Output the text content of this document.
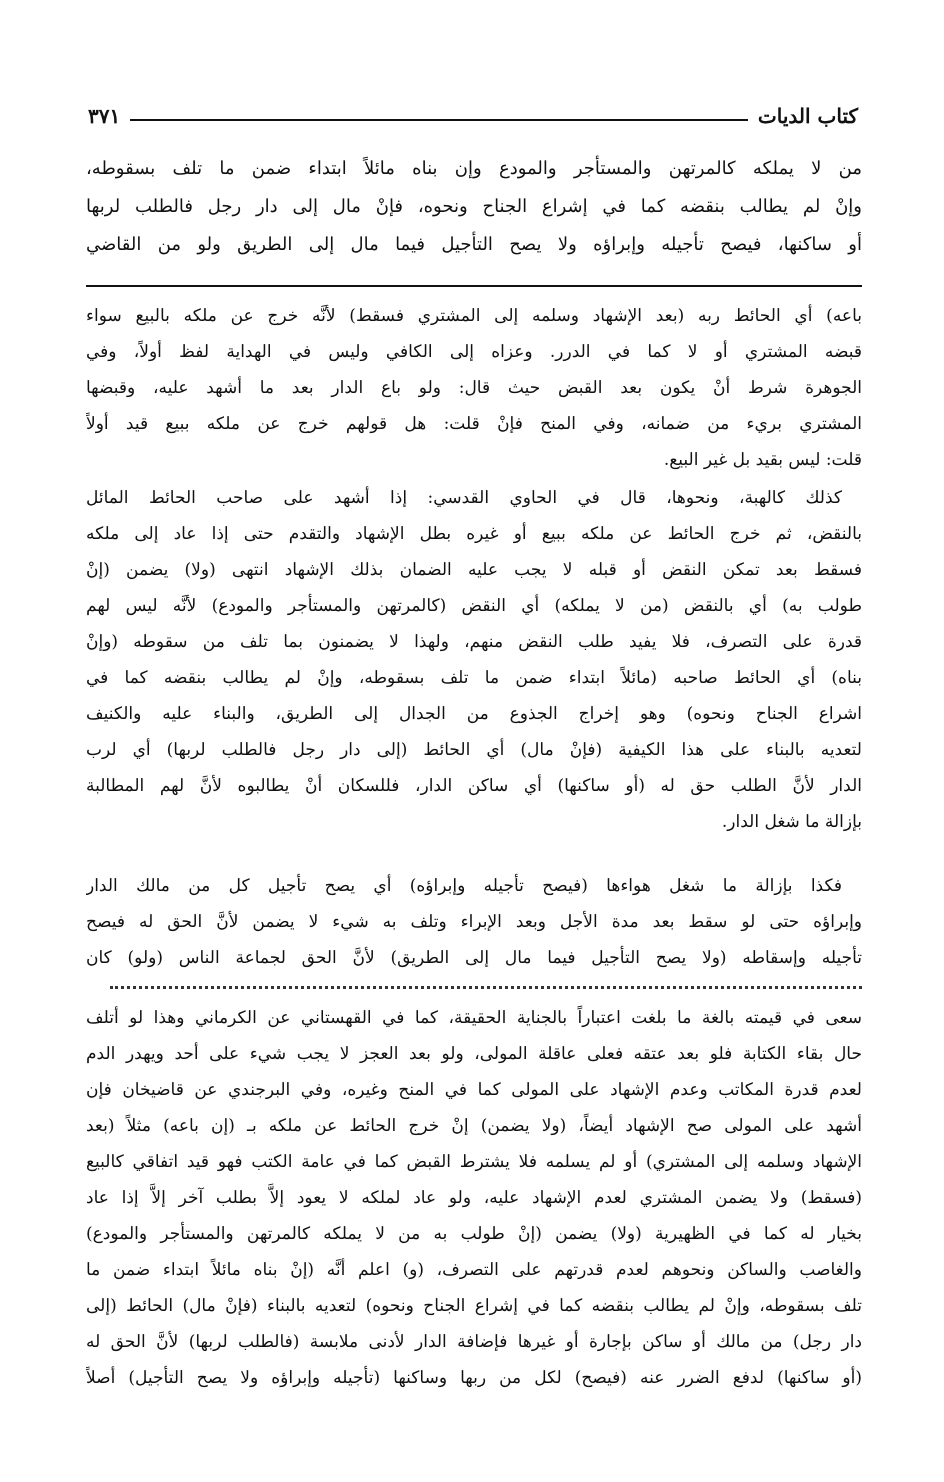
كتاب الديات
٣٧١
من لا يملكه كالمرتهن والمستأجر والمودع وإن بناه مائلاً ابتداء ضمن ما تلف بسقوطه،
وإنْ لم يطالب بنقضه كما في إشراع الجناح ونحوه، فإنْ مال إلى دار رجل فالطلب لربها
أو ساكنها، فيصح تأجيله وإبراؤه ولا يصح التأجيل فيما مال إلى الطريق ولو من القاضي
باعه) أي الحائط ربه (بعد الإشهاد وسلمه إلى المشتري فسقط) لأنَّه خرج عن ملكه بالبيع سواء
قبضه المشتري أو لا كما في الدرر. وعزاه إلى الكافي وليس في الهداية لفظ أولاً، وفي
الجوهرة شرط أنْ يكون بعد القبض حيث قال: ولو باع الدار بعد ما أشهد عليه، وقبضها
المشتري بريء من ضمانه، وفي المنح فإنْ قلت: هل قولهم خرج عن ملكه ببيع قيد أولاً
قلت: ليس بقيد بل غير البيع.
كذلك كالهبة، ونحوها، قال في الحاوي القدسي: إذا أشهد على صاحب الحائط المائل
بالنقض، ثم خرج الحائط عن ملكه ببيع أو غيره بطل الإشهاد والتقدم حتى إذا عاد إلى ملكه
فسقط بعد تمكن النقض أو قبله لا يجب عليه الضمان بذلك الإشهاد انتهى (ولا) يضمن (إنْ
طولب به) أي بالنقض (من لا يملكه) أي النقض (كالمرتهن والمستأجر والمودع) لأنَّه ليس لهم
قدرة على التصرف، فلا يفيد طلب النقض منهم، ولهذا لا يضمنون بما تلف من سقوطه (وإنْ
بناه) أي الحائط صاحبه (مائلاً ابتداء ضمن ما تلف بسقوطه، وإنْ لم يطالب بنقضه كما في
اشراع الجناح ونحوه) وهو إخراج الجذوع من الجدال إلى الطريق، والبناء عليه والكنيف
لتعديه بالبناء على هذا الكيفية (فإنْ مال) أي الحائط (إلى دار رجل فالطلب لربها) أي لرب
الدار لأنَّ الطلب حق له (أو ساكنها) أي ساكن الدار، فللسكان أنْ يطالبوه لأنَّ لهم المطالبة
بإزالة ما شغل الدار.
فكذا بإزالة ما شغل هواءها (فيصح تأجيله وإبراؤه) أي يصح تأجيل كل من مالك الدار
وإبراؤه حتى لو سقط بعد مدة الأجل وبعد الإبراء وتلف به شيء لا يضمن لأنَّ الحق له فيصح
تأجيله وإسقاطه (ولا يصح التأجيل فيما مال إلى الطريق) لأنَّ الحق لجماعة الناس (ولو) كان
سعى في قيمته بالغة ما بلغت اعتباراً بالجناية الحقيقة، كما في القهستاني عن الكرماني وهذا لو أتلف
حال بقاء الكتابة فلو بعد عتقه فعلى عاقلة المولى، ولو بعد العجز لا يجب شيء على أحد ويهدر الدم
لعدم قدرة المكاتب وعدم الإشهاد على المولى كما في المنح وغيره، وفي البرجندي عن قاضيخان فإن
أشهد على المولى صح الإشهاد أيضاً، (ولا يضمن) إنْ خرج الحائط عن ملكه بـ (إن باعه) مثلاً (بعد
الإشهاد وسلمه إلى المشتري) أو لم يسلمه فلا يشترط القبض كما في عامة الكتب فهو قيد اتفاقي كالبيع
(فسقط) ولا يضمن المشتري لعدم الإشهاد عليه، ولو عاد لملكه لا يعود إلاَّ بطلب آخر إلاَّ إذا عاد
بخيار له كما في الظهيرية (ولا) يضمن (إنْ طولب به من لا يملكه كالمرتهن والمستأجر والمودع)
والغاصب والساكن ونحوهم لعدم قدرتهم على التصرف، (و) اعلم أنَّه (إنْ بناه مائلاً ابتداء ضمن ما
تلف بسقوطه، وإنْ لم يطالب بنقضه كما في إشراع الجناح ونحوه) لتعديه بالبناء (فإنْ مال) الحائط (إلى
دار رجل) من مالك أو ساكن بإجارة أو غيرها فإضافة الدار لأدنى ملابسة (فالطلب لربها) لأنَّ الحق له
(أو ساكنها) لدفع الضرر عنه (فيصح) لكل من ربها وساكنها (تأجيله وإبراؤه ولا يصح التأجيل) أصلاً
